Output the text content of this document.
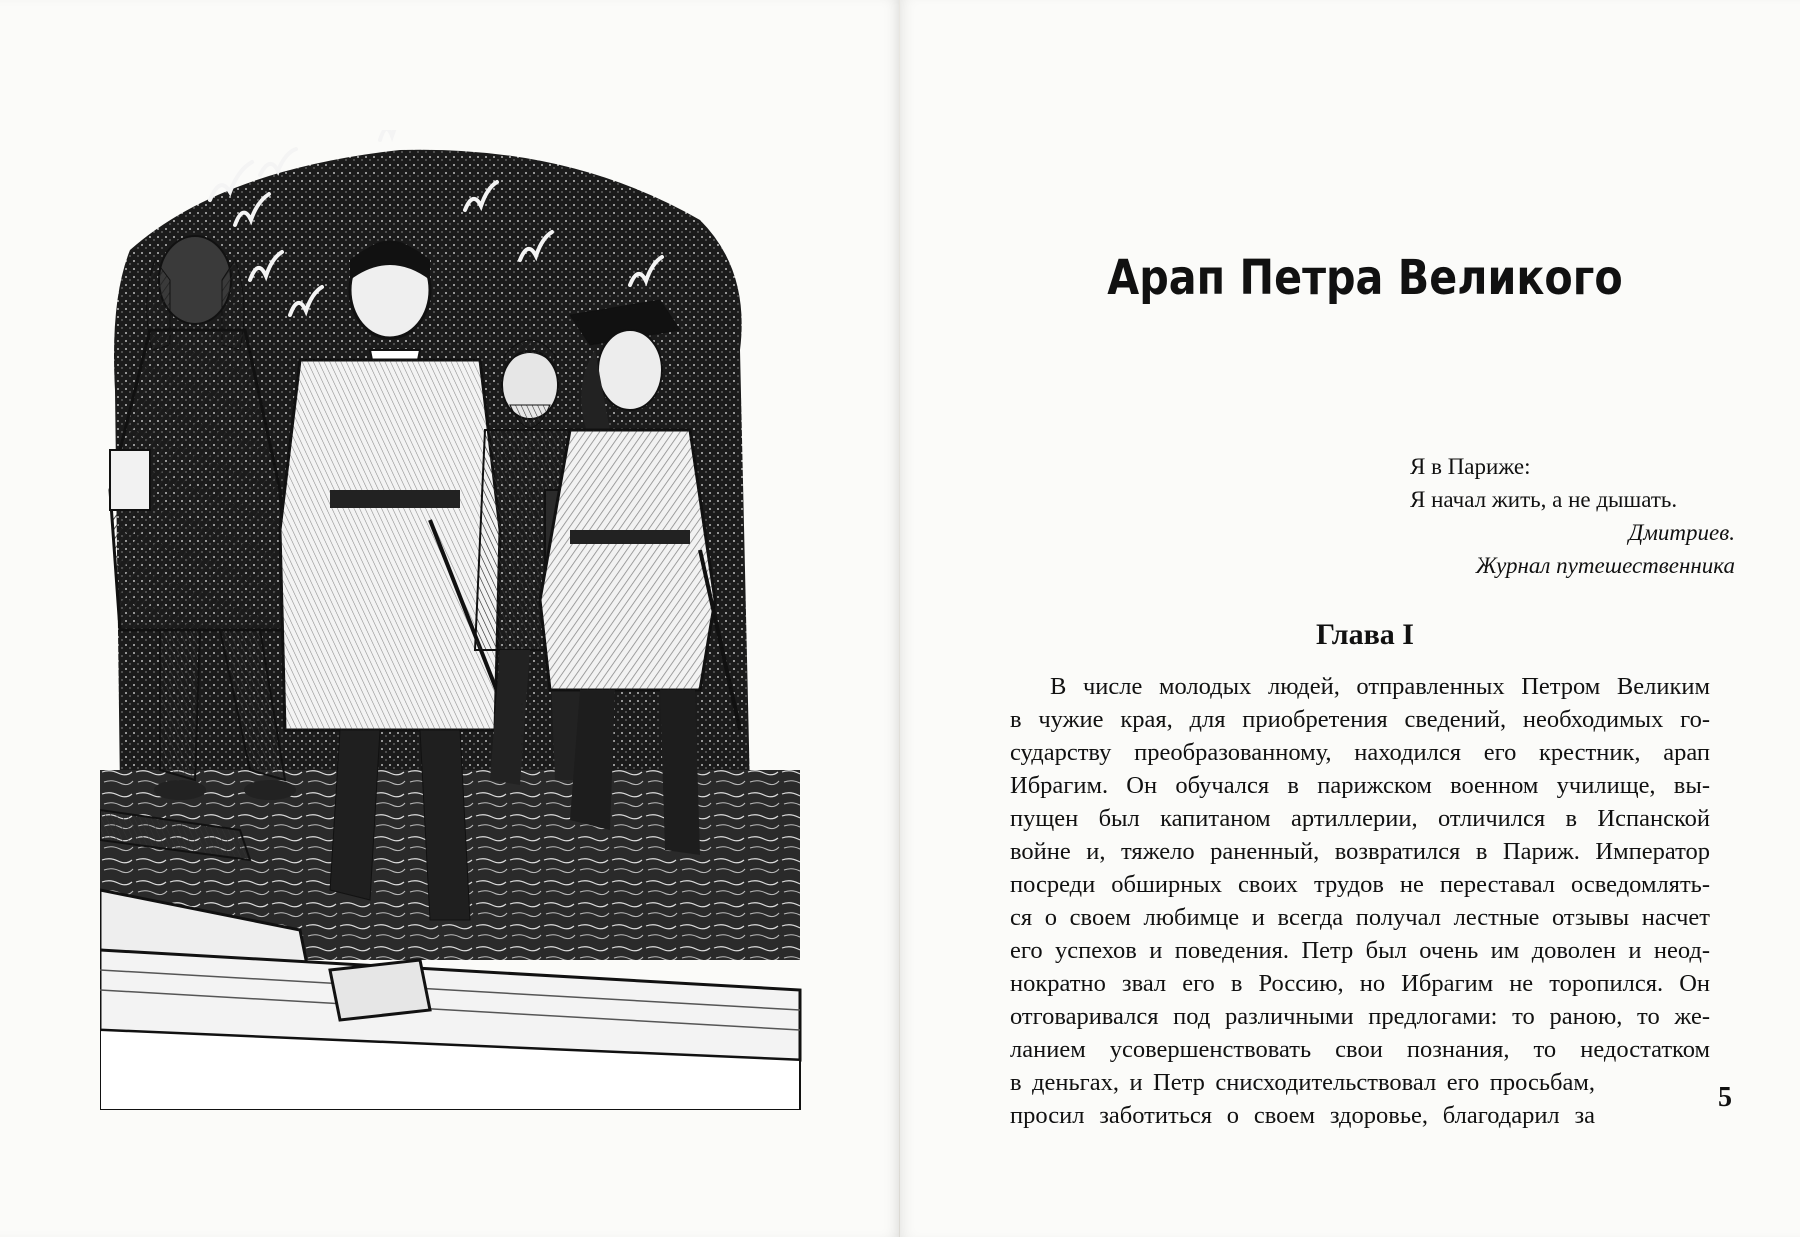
Арап Петра Великого
Я в Париже:
Я начал жить, а не дышать.
Дмитриев.
Журнал путешественника
Глава I
В числе молодых людей, отправленных Петром Великим
в чужие края, для приобретения сведений, необходимых го-
сударству преобразованному, находился его крестник, арап
Ибрагим. Он обучался в парижском военном училище, вы-
пущен был капитаном артиллерии, отличился в Испанской
войне и, тяжело раненный, возвратился в Париж. Император
посреди обширных своих трудов не переставал осведомлять-
ся о своем любимце и всегда получал лестные отзывы насчет
его успехов и поведения. Петр был очень им доволен и неод-
нократно звал его в Россию, но Ибрагим не торопился. Он
отговаривался под различными предлогами: то раною, то же-
ланием усовершенствовать свои познания, то недостатком
в деньгах, и Петр снисходительствовал его просьбам,
просил заботиться о своем здоровье, благодарил за
5
